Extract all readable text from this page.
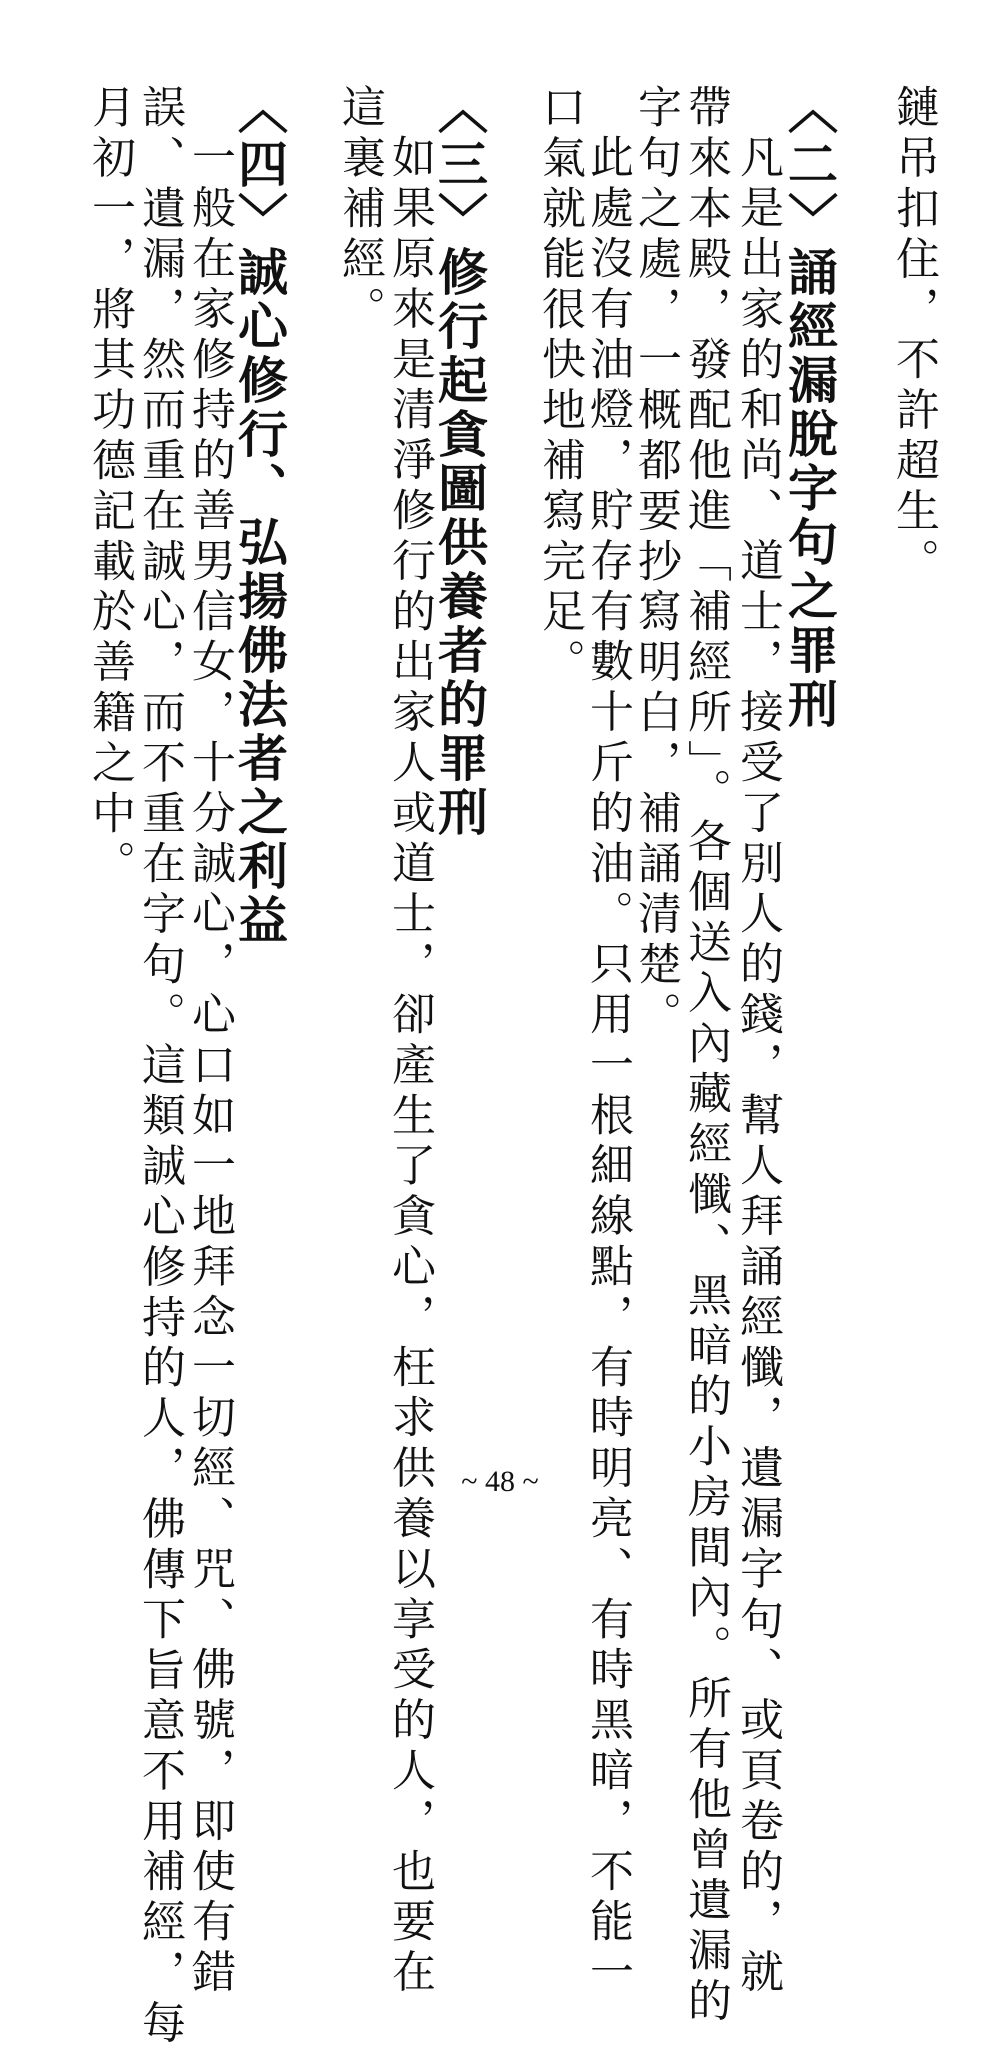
鏈吊扣住，不許超生。
〈二〉誦經漏脫字句之罪刑
凡是出家的和尚、道士，接受了別人的錢，幫人拜誦經懺，遺漏字句、或頁卷的，就
帶來本殿，發配他進「補經所」。各個送入內藏經懺、黑暗的小房間內。所有他曾遺漏的
字句之處，一概都要抄寫明白，補誦清楚。
此處沒有油燈，貯存有數十斤的油。只用一根細線點，有時明亮、有時黑暗，不能一
口氣就能很快地補寫完足。
〈三〉修行起貪圖供養者的罪刑
如果原來是清淨修行的出家人或道士，卻產生了貪心，枉求供養以享受的人，也要在
這裏補經。
〈四〉誠心修行、弘揚佛法者之利益
一般在家修持的善男信女，十分誠心，心口如一地拜念一切經、咒、佛號，即使有錯
誤、遺漏，然而重在誠心，而不重在字句。這類誠心修持的人，佛傳下旨意不用補經，每
月初一，將其功德記載於善籍之中。
~ 48 ~
